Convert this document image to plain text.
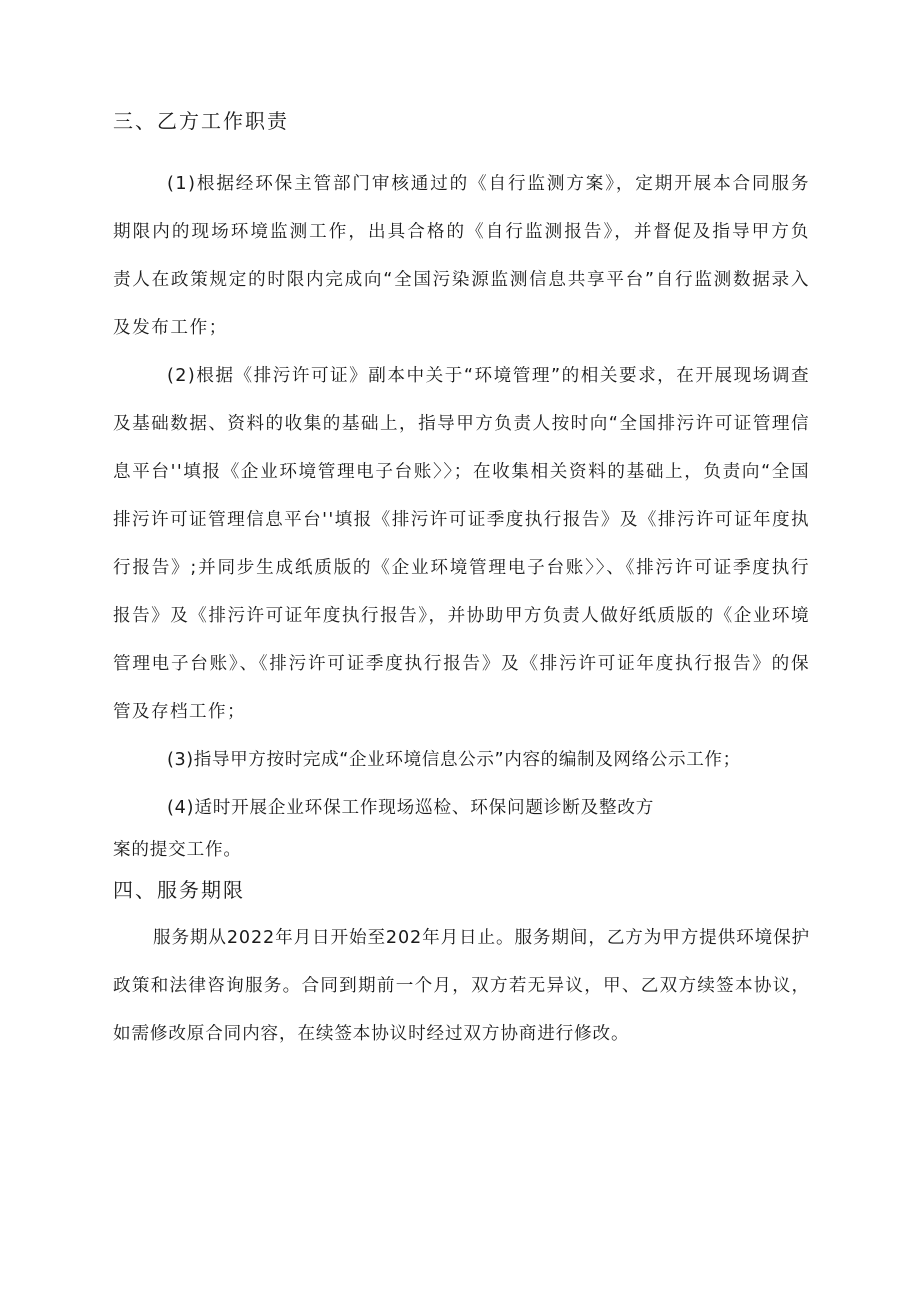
三、乙方工作职责

(1)根据经环保主管部门审核通过的《自行监测方案》，定期开展本合同服务期限内的现场环境监测工作，出具合格的《自行监测报告》，并督促及指导甲方负责人在政策规定的时限内完成向“全国污染源监测信息共享平台”自行监测数据录入及发布工作；

(2)根据《排污许可证》副本中关于“环境管理”的相关要求，在开展现场调查及基础数据、资料的收集的基础上，指导甲方负责人按时向“全国排污许可证管理信息平台''填报《企业环境管理电子台账〉〉；在收集相关资料的基础上，负责向“全国排污许可证管理信息平台''填报《排污许可证季度执行报告》及《排污许可证年度执行报告》;并同步生成纸质版的《企业环境管理电子台账〉〉、《排污许可证季度执行报告》及《排污许可证年度执行报告》，并协助甲方负责人做好纸质版的《企业环境管理电子台账》、《排污许可证季度执行报告》及《排污许可证年度执行报告》的保管及存档工作；

(3)指导甲方按时完成“企业环境信息公示”内容的编制及网络公示工作；

(4)适时开展企业环保工作现场巡检、环保问题诊断及整改方

案的提交工作。

四、服务期限

服务期从2022年月日开始至202年月日止。服务期间，乙方为甲方提供环境保护政策和法律咨询服务。合同到期前一个月，双方若无异议，甲、乙双方续签本协议，如需修改原合同内容，在续签本协议时经过双方协商进行修改。
